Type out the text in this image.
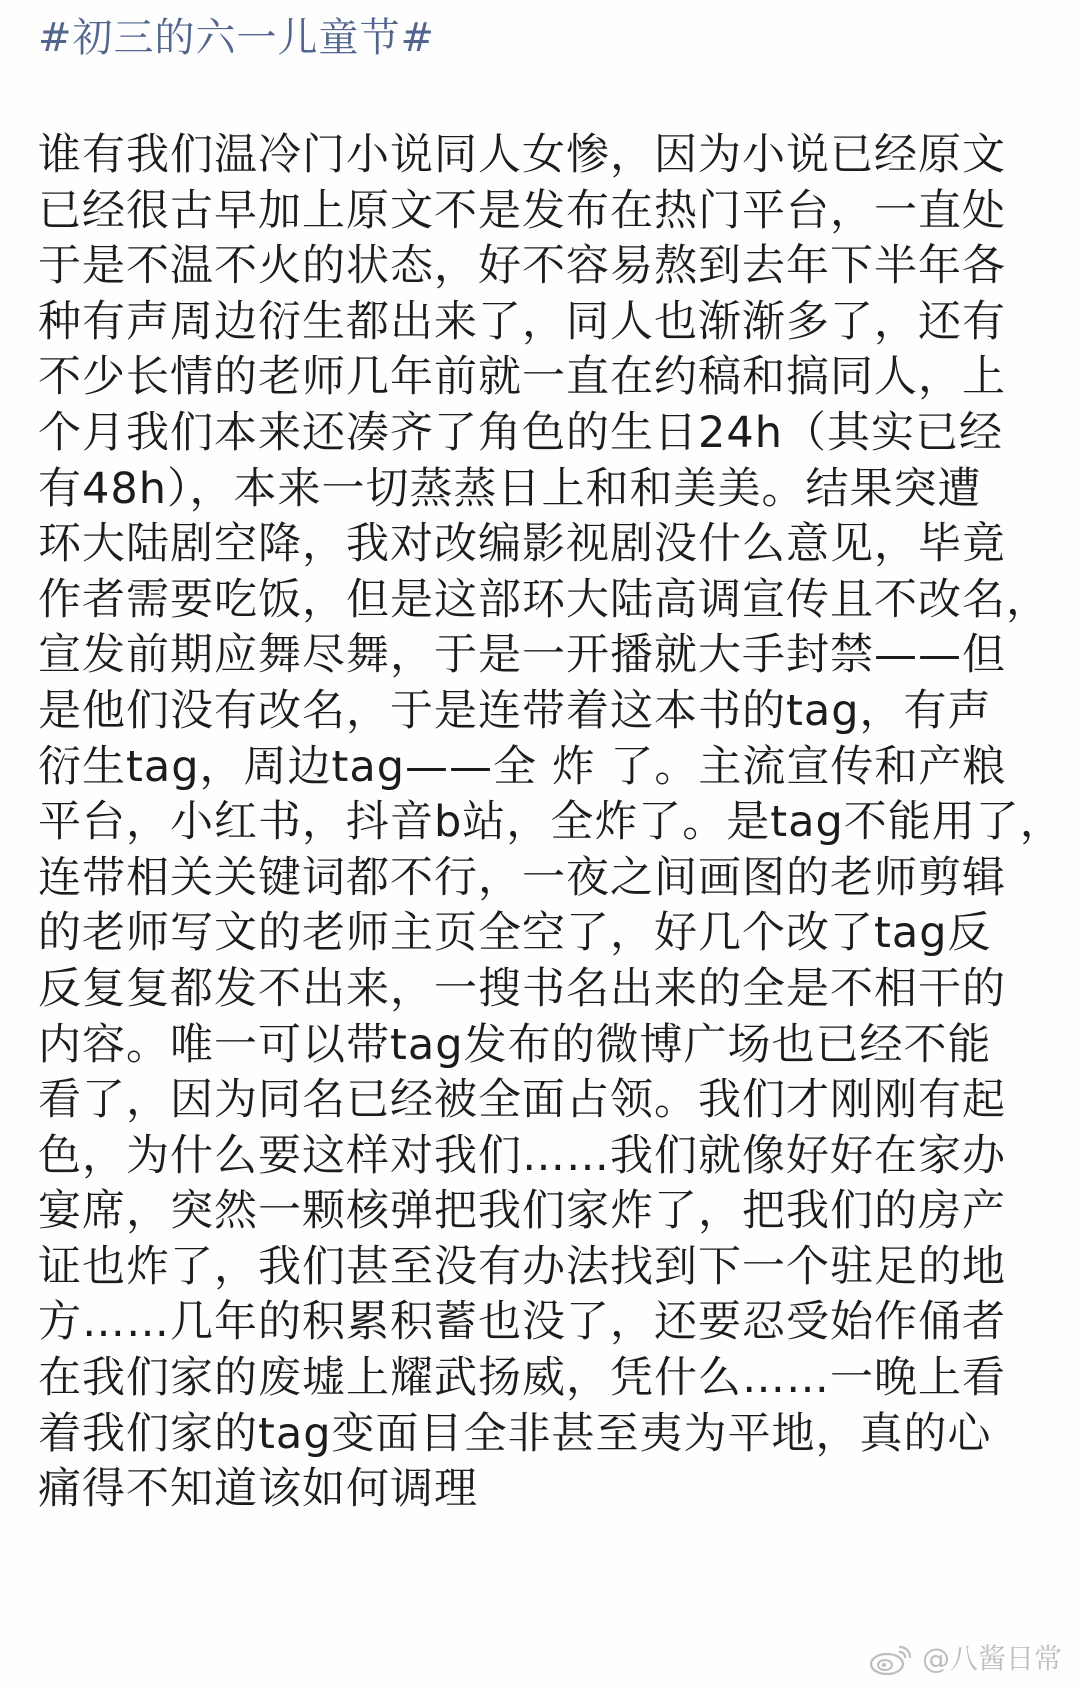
#初三的六一儿童节#
谁有我们温冷门小说同人女惨，因为小说已经原文
已经很古早加上原文不是发布在热门平台，一直处
于是不温不火的状态，好不容易熬到去年下半年各
种有声周边衍生都出来了，同人也渐渐多了，还有
不少长情的老师几年前就一直在约稿和搞同人，上
个月我们本来还凑齐了角色的生日24h（其实已经
有48h），本来一切蒸蒸日上和和美美。结果突遭
环大陆剧空降，我对改编影视剧没什么意见，毕竟
作者需要吃饭，但是这部环大陆高调宣传且不改名，
宣发前期应舞尽舞，于是一开播就大手封禁——但
是他们没有改名，于是连带着这本书的tag，有声
衍生tag，周边tag——全 炸 了。主流宣传和产粮
平台，小红书，抖音b站，全炸了。是tag不能用了，
连带相关关键词都不行，一夜之间画图的老师剪辑
的老师写文的老师主页全空了，好几个改了tag反
反复复都发不出来，一搜书名出来的全是不相干的
内容。唯一可以带tag发布的微博广场也已经不能
看了，因为同名已经被全面占领。我们才刚刚有起
色，为什么要这样对我们……我们就像好好在家办
宴席，突然一颗核弹把我们家炸了，把我们的房产
证也炸了，我们甚至没有办法找到下一个驻足的地
方……几年的积累积蓄也没了，还要忍受始作俑者
在我们家的废墟上耀武扬威，凭什么……一晚上看
着我们家的tag变面目全非甚至夷为平地，真的心
痛得不知道该如何调理
@八酱日常
